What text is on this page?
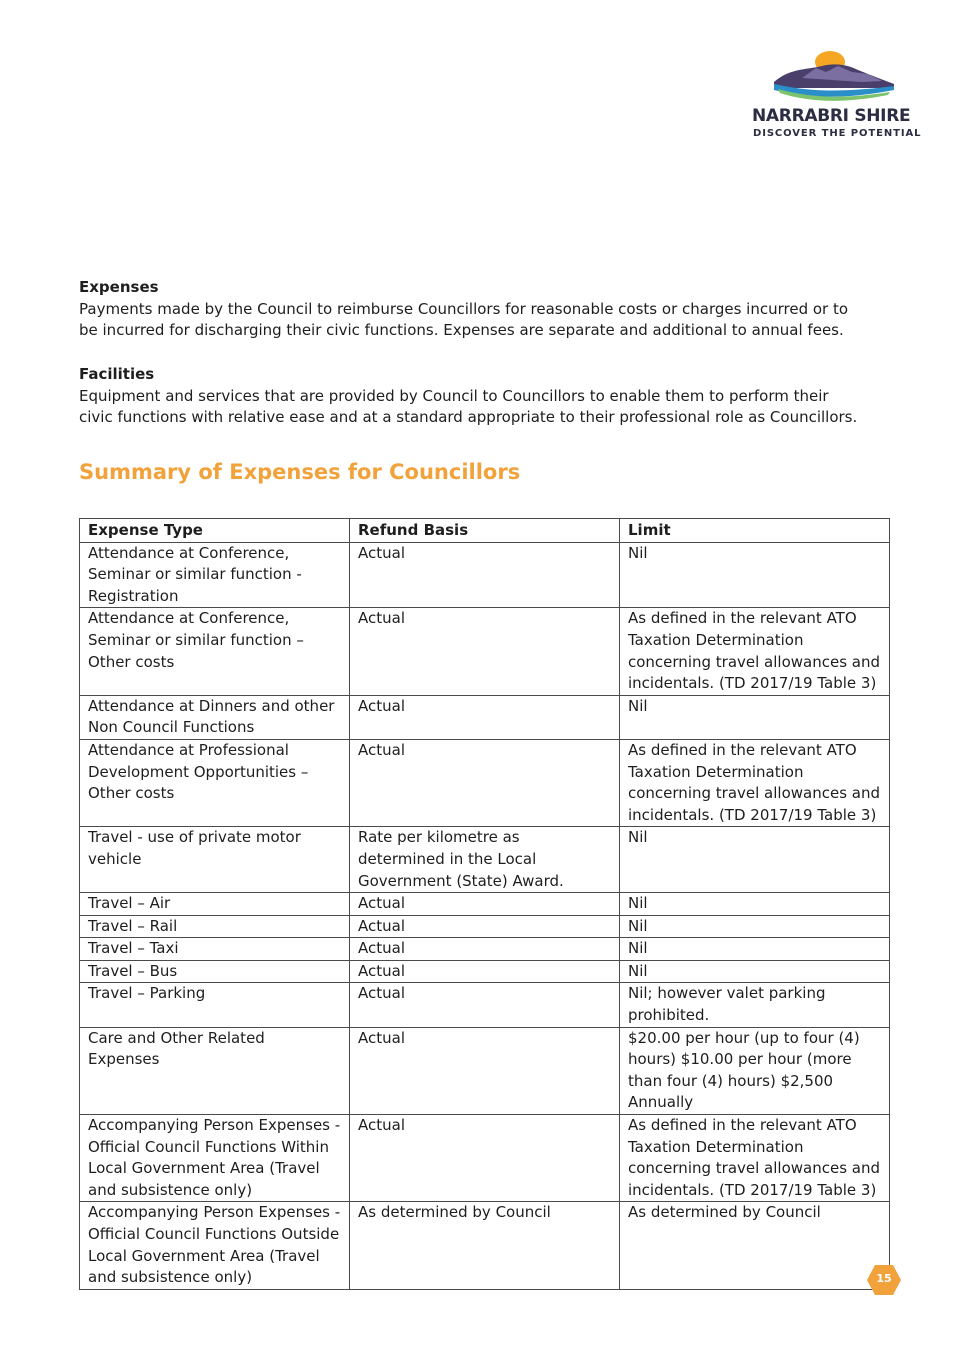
NARRABRI SHIRE
DISCOVER THE POTENTIAL
Expenses

Payments made by the Council to reimburse Councillors for reasonable costs or charges incurred or to be incurred for discharging their civic functions. Expenses are separate and additional to annual fees.

Facilities

Equipment and services that are provided by Council to Councillors to enable them to perform their civic functions with relative ease and at a standard appropriate to their professional role as Councillors.

Summary of Expenses for Councillors
Expense Type	Refund Basis	Limit
Attendance at Conference, Seminar or similar function - Registration	Actual	Nil
Attendance at Conference, Seminar or similar function – Other costs	Actual	As defined in the relevant ATO Taxation Determination concerning travel allowances and incidentals. (TD 2017/19 Table 3)
Attendance at Dinners and other Non Council Functions	Actual	Nil
Attendance at Professional Development Opportunities – Other costs	Actual	As defined in the relevant ATO Taxation Determination concerning travel allowances and incidentals. (TD 2017/19 Table 3)
Travel - use of private motor vehicle	Rate per kilometre as determined in the Local Government (State) Award.	Nil
Travel – Air	Actual	Nil
Travel – Rail	Actual	Nil
Travel – Taxi	Actual	Nil
Travel – Bus	Actual	Nil
Travel – Parking	Actual	Nil; however valet parking prohibited.
Care and Other Related Expenses	Actual	$20.00 per hour (up to four (4) hours) $10.00 per hour (more than four (4) hours) $2,500 Annually
Accompanying Person Expenses - Official Council Functions Within Local Government Area (Travel and subsistence only)	Actual	As defined in the relevant ATO Taxation Determination concerning travel allowances and incidentals. (TD 2017/19 Table 3)
Accompanying Person Expenses - Official Council Functions Outside Local Government Area (Travel and subsistence only)	As determined by Council	As determined by Council
15
